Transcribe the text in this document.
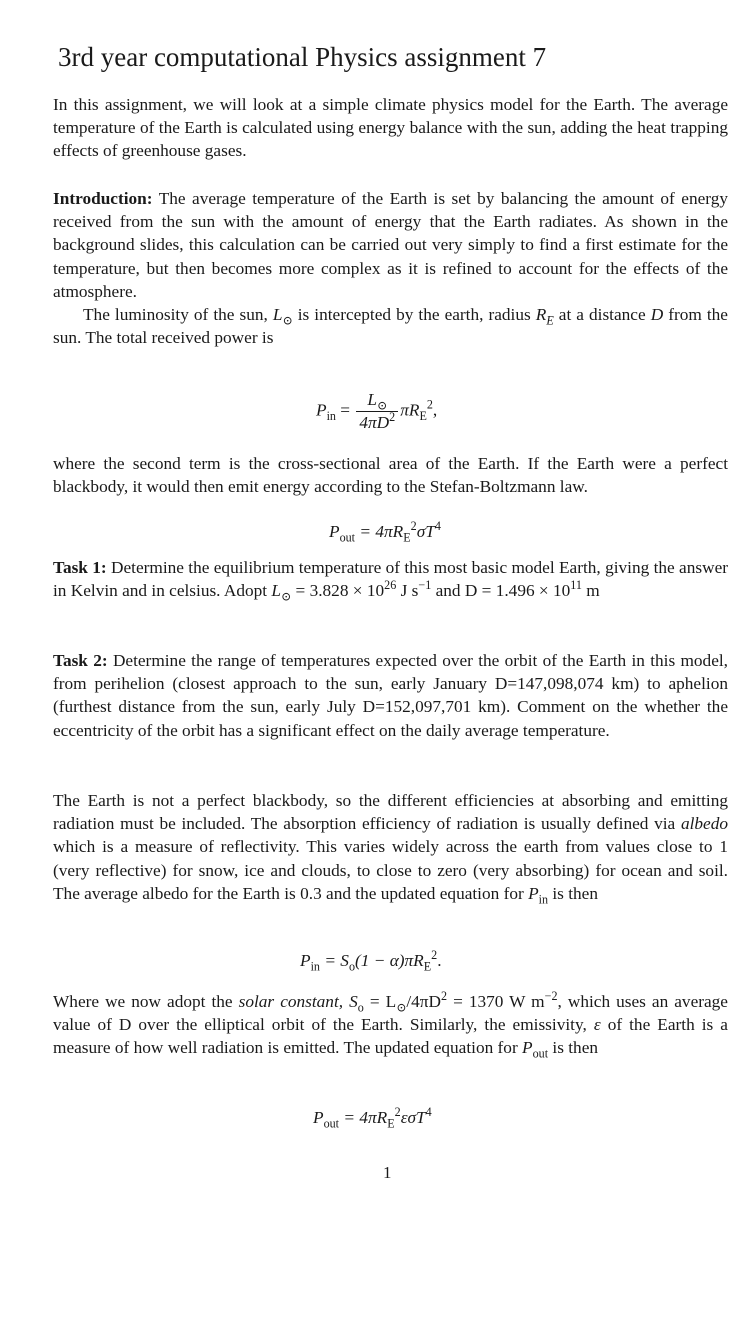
3rd year computational Physics assignment 7
In this assignment, we will look at a simple climate physics model for the Earth. The average temperature of the Earth is calculated using energy balance with the sun, adding the heat trapping effects of greenhouse gases.
Introduction: The average temperature of the Earth is set by balancing the amount of energy received from the sun with the amount of energy that the Earth radiates. As shown in the background slides, this calculation can be carried out very simply to find a first estimate for the temperature, but then becomes more complex as it is refined to account for the effects of the atmosphere.
The luminosity of the sun, $L_⊙$ is intercepted by the earth, radius $R_E$ at a distance D from the sun. The total received power is
$P_{in} = \frac{L_⊙}{4\pi D^2} \pi R_E^2$,
where the second term is the cross-sectional area of the Earth. If the Earth were a perfect blackbody, it would then emit energy according to the Stefan-Boltzmann law.
$P_{out} = 4\pi R_E^2\sigma T^4$
Task 1: Determine the equilibrium temperature of this most basic model Earth, giving the answer in Kelvin and in celsius. Adopt $L_⊙ = 3.828 \times 10^{26}$ J $s^{-1}$ and $D = 1.496 \times 10^{11}$ m
Task 2: Determine the range of temperatures expected over the orbit of the Earth in this model, from perihelion (closest approach to the sun, early January D=147,098,074 km) to aphelion (furthest distance from the sun, early July D=152,097,701 km). Comment on the whether the eccentricity of the orbit has a significant effect on the daily average temperature.
The Earth is not a perfect blackbody, so the different efficiencies at absorbing and emitting radiation must be included. The absorption efficiency of radiation is usually defined via albedo which is a measure of reflectivity. This varies widely across the earth from values close to 1 (very reflective) for snow, ice and clouds, to close to zero (very absorbing) for ocean and soil. The average albedo for the Earth is 0.3 and the updated equation for $P_{in}$ is then
$P_{in} = S_o(1 - \alpha)\pi R_E^2$.
Where we now adopt the solar constant, $S_o = L_⊙/4\pi D^2 = 1370$ W $m^{-2}$, which uses an average value of D over the elliptical orbit of the Earth. Similarly, the emissivity, ε of the Earth is a measure of how well radiation is emitted. The updated equation for $P_{out}$ is then
$P_{out} = 4\pi R_E^2\varepsilon\sigma T^4$
1
